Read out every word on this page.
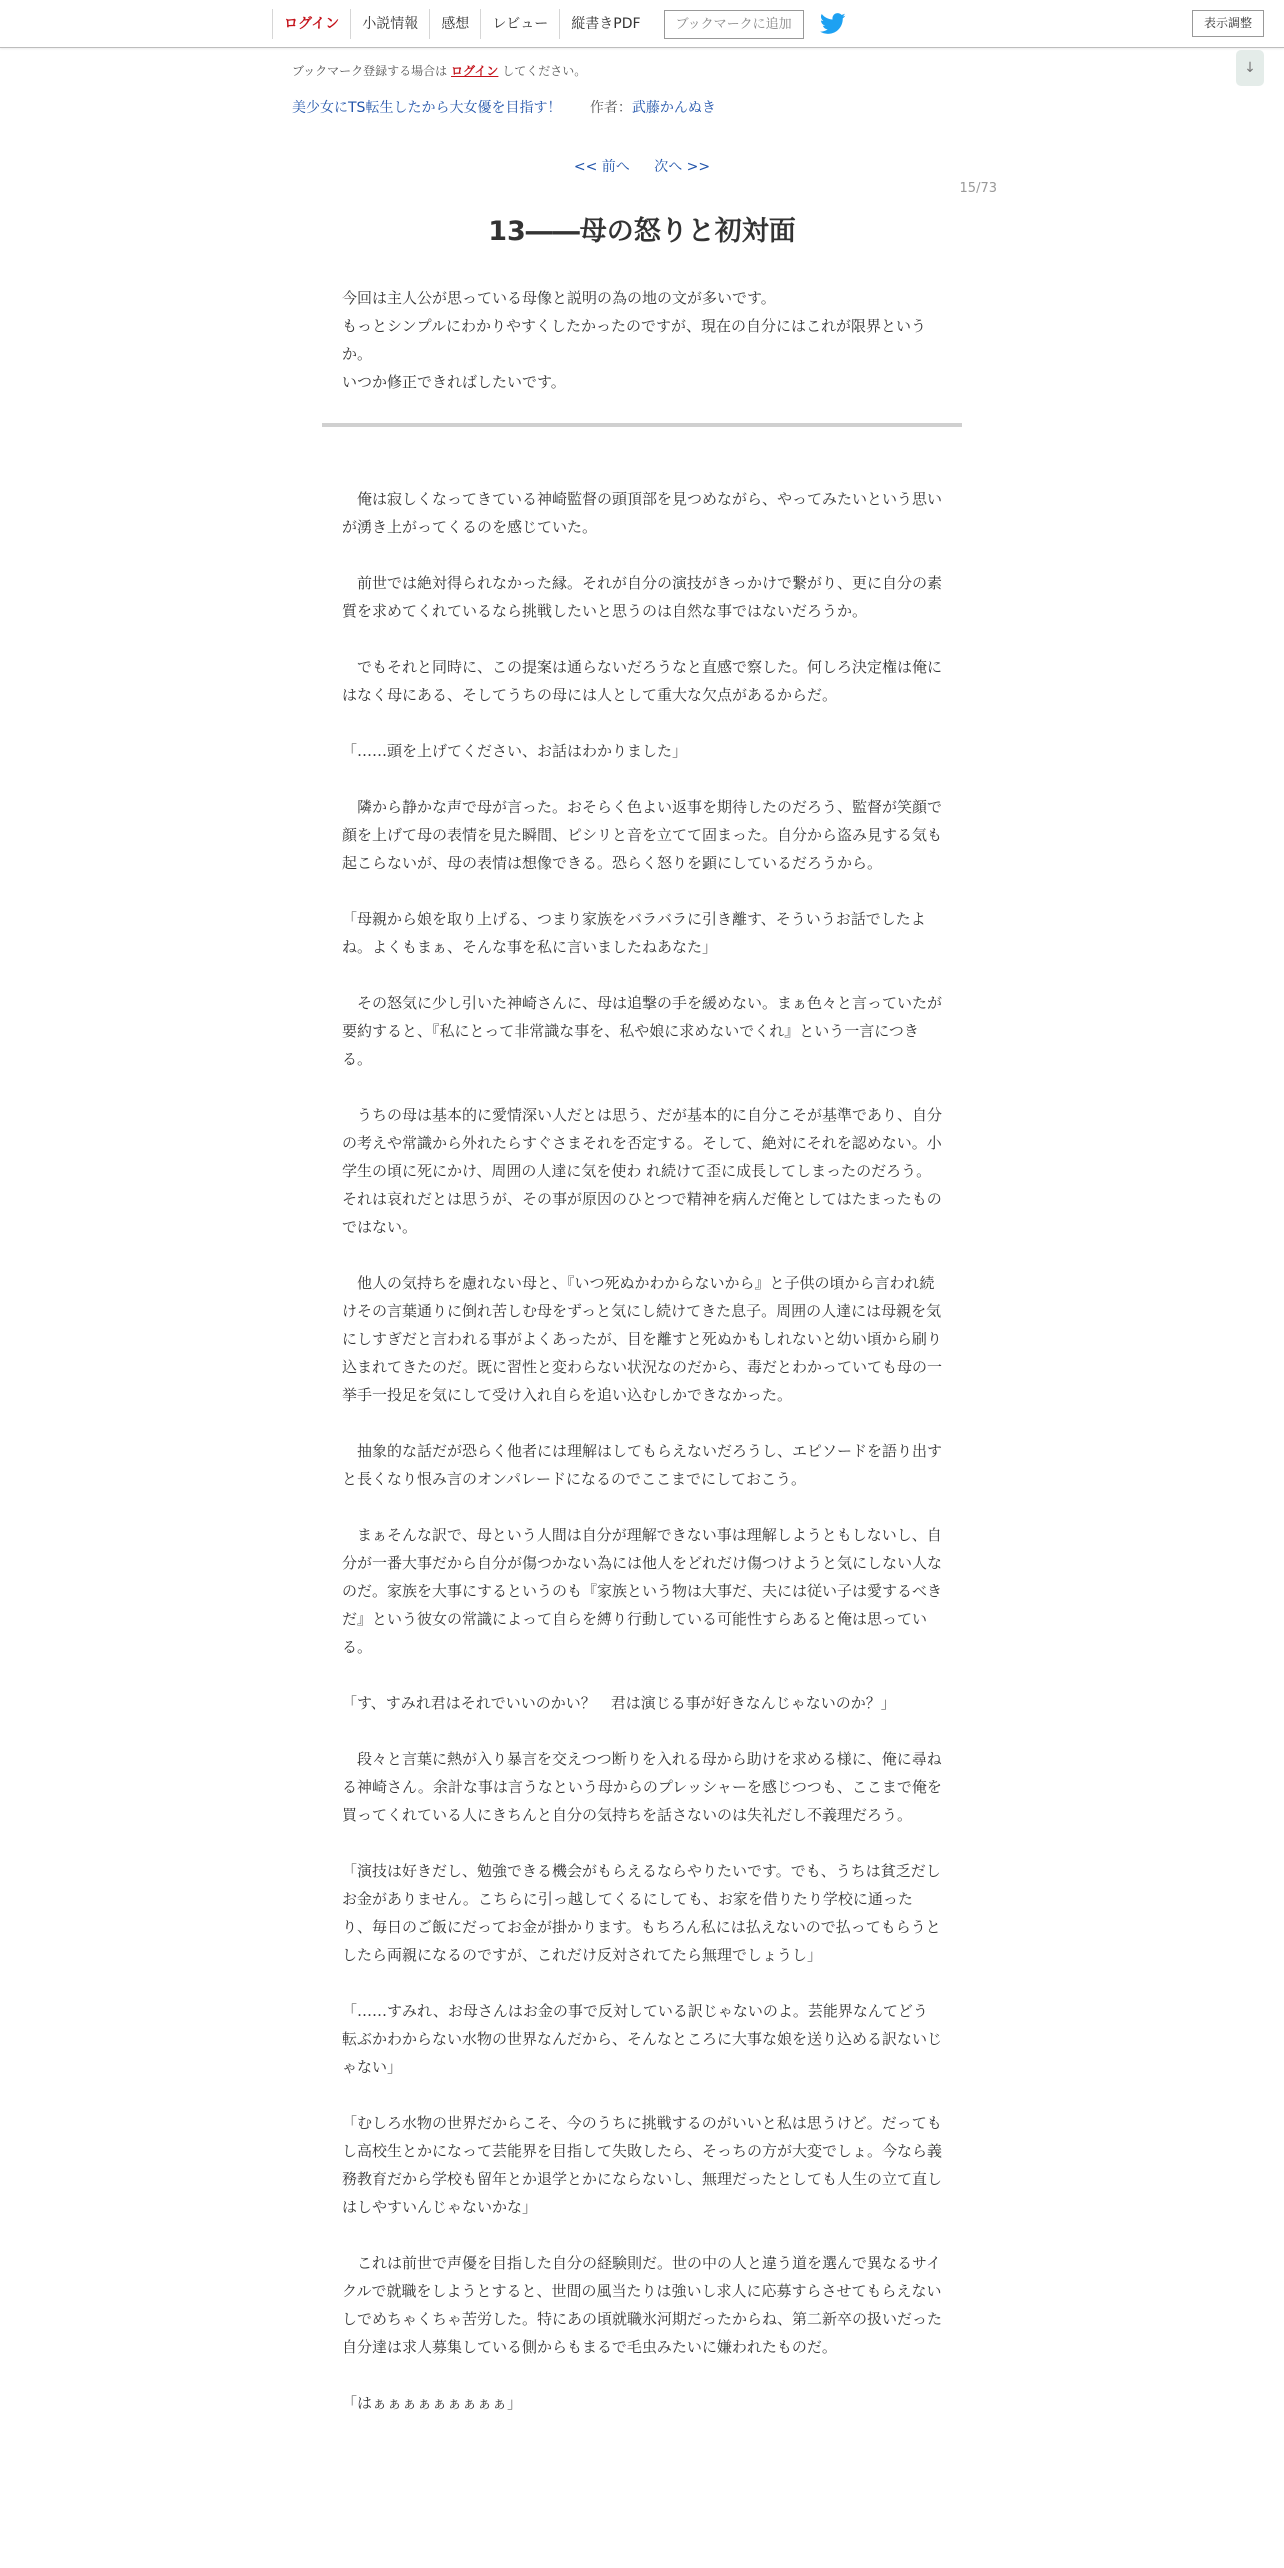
ログイン	小説情報	感想	レビュー	縦書きPDF	ブックマークに追加	表示調整
↓
ブックマーク登録する場合は ログイン してください。
美少女にTS転生したから大女優を目指す！ 作者：武藤かんぬき
<< 前へ 次へ >>
15/73
13――母の怒りと初対面

今回は主人公が思っている母像と説明の為の地の文が多いです。

もっとシンプルにわかりやすくしたかったのですが、現在の自分にはこれが限界というか。

いつか修正できればしたいです。

　俺は寂しくなってきている神崎監督の頭頂部を見つめながら、やってみたいという思いが湧き上がってくるのを感じていた。

　前世では絶対得られなかった縁。それが自分の演技がきっかけで繋がり、更に自分の素質を求めてくれているなら挑戦したいと思うのは自然な事ではないだろうか。

　でもそれと同時に、この提案は通らないだろうなと直感で察した。何しろ決定権は俺にはなく母にある、そしてうちの母には人として重大な欠点があるからだ。

「……頭を上げてください、お話はわかりました」

　隣から静かな声で母が言った。おそらく色よい返事を期待したのだろう、監督が笑顔で顔を上げて母の表情を見た瞬間、ピシリと音を立てて固まった。自分から盗み見する気も起こらないが、母の表情は想像できる。恐らく怒りを顕にしているだろうから。

「母親から娘を取り上げる、つまり家族をバラバラに引き離す、そういうお話でしたよね。よくもまぁ、そんな事を私に言いましたねあなた」

　その怒気に少し引いた神崎さんに、母は追撃の手を緩めない。まぁ色々と言っていたが要約すると、『私にとって非常識な事を、私や娘に求めないでくれ』という一言につきる。

　うちの母は基本的に愛情深い人だとは思う、だが基本的に自分こそが基準であり、自分の考えや常識から外れたらすぐさまそれを否定する。そして、絶対にそれを認めない。小学生の頃に死にかけ、周囲の人達に気を使わ れ続けて歪に成長してしまったのだろう。それは哀れだとは思うが、その事が原因のひとつで精神を病んだ俺としてはたまったものではない。

　他人の気持ちを慮れない母と、『いつ死ぬかわからないから』と子供の頃から言われ続けその言葉通りに倒れ苦しむ母をずっと気にし続けてきた息子。周囲の人達には母親を気にしすぎだと言われる事がよくあったが、目を離すと死ぬかもしれないと幼い頃から刷り込まれてきたのだ。既に習性と変わらない状況なのだから、毒だとわかっていても母の一挙手一投足を気にして受け入れ自らを追い込むしかできなかった。

　抽象的な話だが恐らく他者には理解はしてもらえないだろうし、エピソードを語り出すと長くなり恨み言のオンパレードになるのでここまでにしておこう。

　まぁそんな訳で、母という人間は自分が理解できない事は理解しようともしないし、自分が一番大事だから自分が傷つかない為には他人をどれだけ傷つけようと気にしない人なのだ。家族を大事にするというのも『家族という物は大事だ、夫には従い子は愛するべきだ』という彼女の常識によって自らを縛り行動している可能性すらあると俺は思っている。

「す、すみれ君はそれでいいのかい？　君は演じる事が好きなんじゃないのか？」

　段々と言葉に熱が入り暴言を交えつつ断りを入れる母から助けを求める様に、俺に尋ねる神崎さん。余計な事は言うなという母からのプレッシャーを感じつつも、ここまで俺を買ってくれている人にきちんと自分の気持ちを話さないのは失礼だし不義理だろう。

「演技は好きだし、勉強できる機会がもらえるならやりたいです。でも、うちは貧乏だしお金がありません。こちらに引っ越してくるにしても、お家を借りたり学校に通ったり、毎日のご飯にだってお金が掛かります。もちろん私には払えないので払ってもらうとしたら両親になるのですが、これだけ反対されてたら無理でしょうし」

「……すみれ、お母さんはお金の事で反対している訳じゃないのよ。芸能界なんてどう転ぶかわからない水物の世界なんだから、そんなところに大事な娘を送り込める訳ないじゃない」

「むしろ水物の世界だからこそ、今のうちに挑戦するのがいいと私は思うけど。だってもし高校生とかになって芸能界を目指して失敗したら、そっちの方が大変でしょ。今なら義務教育だから学校も留年とか退学とかにならないし、無理だったとしても人生の立て直しはしやすいんじゃないかな」

　これは前世で声優を目指した自分の経験則だ。世の中の人と違う道を選んで異なるサイクルで就職をしようとすると、世間の風当たりは強いし求人に応募すらさせてもらえないしでめちゃくちゃ苦労した。特にあの頃就職氷河期だったからね、第二新卒の扱いだった自分達は求人募集している側からもまるで毛虫みたいに嫌われたものだ。

「はぁぁぁぁぁぁぁぁぁ」
